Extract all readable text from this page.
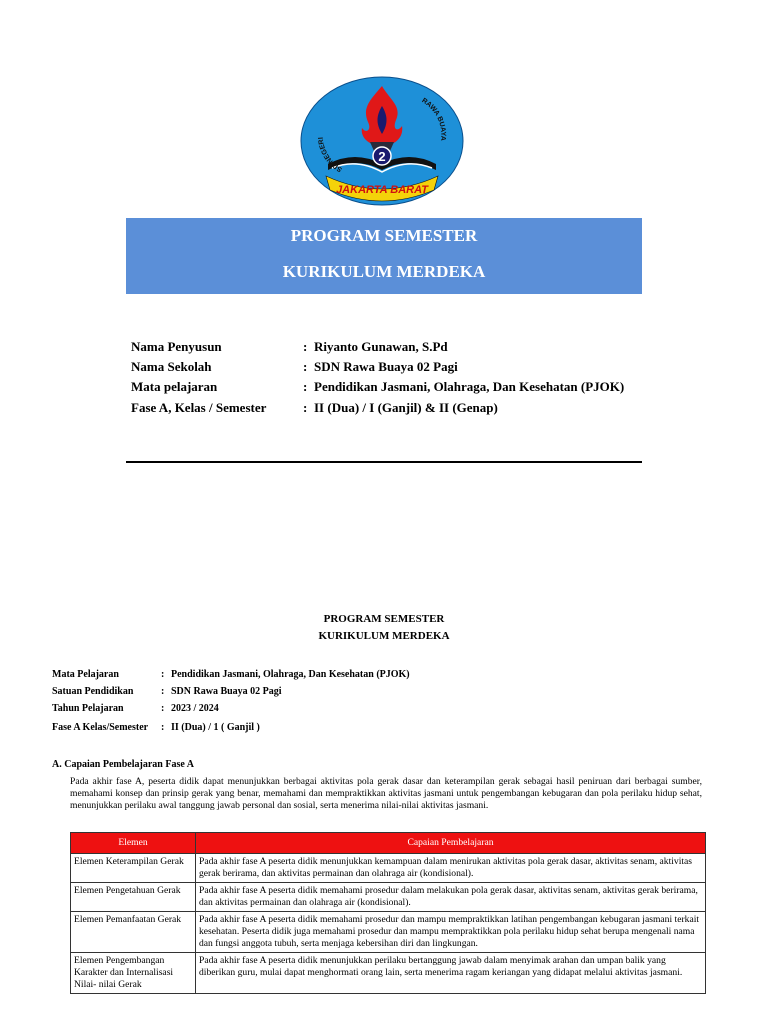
2
SD NEGERI
RAWA BUAYA
JAKARTA BARAT
PROGRAM SEMESTER
KURIKULUM MERDEKA
Nama Penyusun	: Riyanto Gunawan, S.Pd
Nama Sekolah	: SDN Rawa Buaya 02 Pagi
Mata pelajaran	: Pendidikan Jasmani, Olahraga, Dan Kesehatan (PJOK)
Fase A, Kelas / Semester	: II (Dua) / I (Ganjil) & II (Genap)
PROGRAM SEMESTER
KURIKULUM MERDEKA
Mata Pelajaran	: Pendidikan Jasmani, Olahraga, Dan Kesehatan (PJOK)
Satuan Pendidikan	: SDN Rawa Buaya 02 Pagi
Tahun Pelajaran	: 2023 / 2024
Fase A Kelas/Semester	: II (Dua) / 1 ( Ganjil )
A. Capaian Pembelajaran Fase A
Pada akhir fase A, peserta didik dapat menunjukkan berbagai aktivitas pola gerak dasar dan keterampilan gerak sebagai hasil peniruan dari berbagai sumber, memahami konsep dan prinsip gerak yang benar, memahami dan mempraktikkan aktivitas jasmani untuk pengembangan kebugaran dan pola perilaku hidup sehat, menunjukkan perilaku awal tanggung jawab personal dan sosial, serta menerima nilai-nilai aktivitas jasmani.
Elemen	Capaian Pembelajaran
Elemen Keterampilan Gerak	Pada akhir fase A peserta didik menunjukkan kemampuan dalam menirukan aktivitas pola gerak dasar, aktivitas senam, aktivitas gerak berirama, dan aktivitas permainan dan olahraga air (kondisional).
Elemen Pengetahuan Gerak	Pada akhir fase A peserta didik memahami prosedur dalam melakukan pola gerak dasar, aktivitas senam, aktivitas gerak berirama, dan aktivitas permainan dan olahraga air (kondisional).
Elemen Pemanfaatan Gerak	Pada akhir fase A peserta didik memahami prosedur dan mampu mempraktikkan latihan pengembangan kebugaran jasmani terkait kesehatan. Peserta didik juga memahami prosedur dan mampu mempraktikkan pola perilaku hidup sehat berupa mengenali nama dan fungsi anggota tubuh, serta menjaga kebersihan diri dan lingkungan.
Elemen Pengembangan Karakter dan Internalisasi Nilai- nilai Gerak	Pada akhir fase A peserta didik menunjukkan perilaku bertanggung jawab dalam menyimak arahan dan umpan balik yang diberikan guru, mulai dapat menghormati orang lain, serta menerima ragam keriangan yang didapat melalui aktivitas jasmani.
